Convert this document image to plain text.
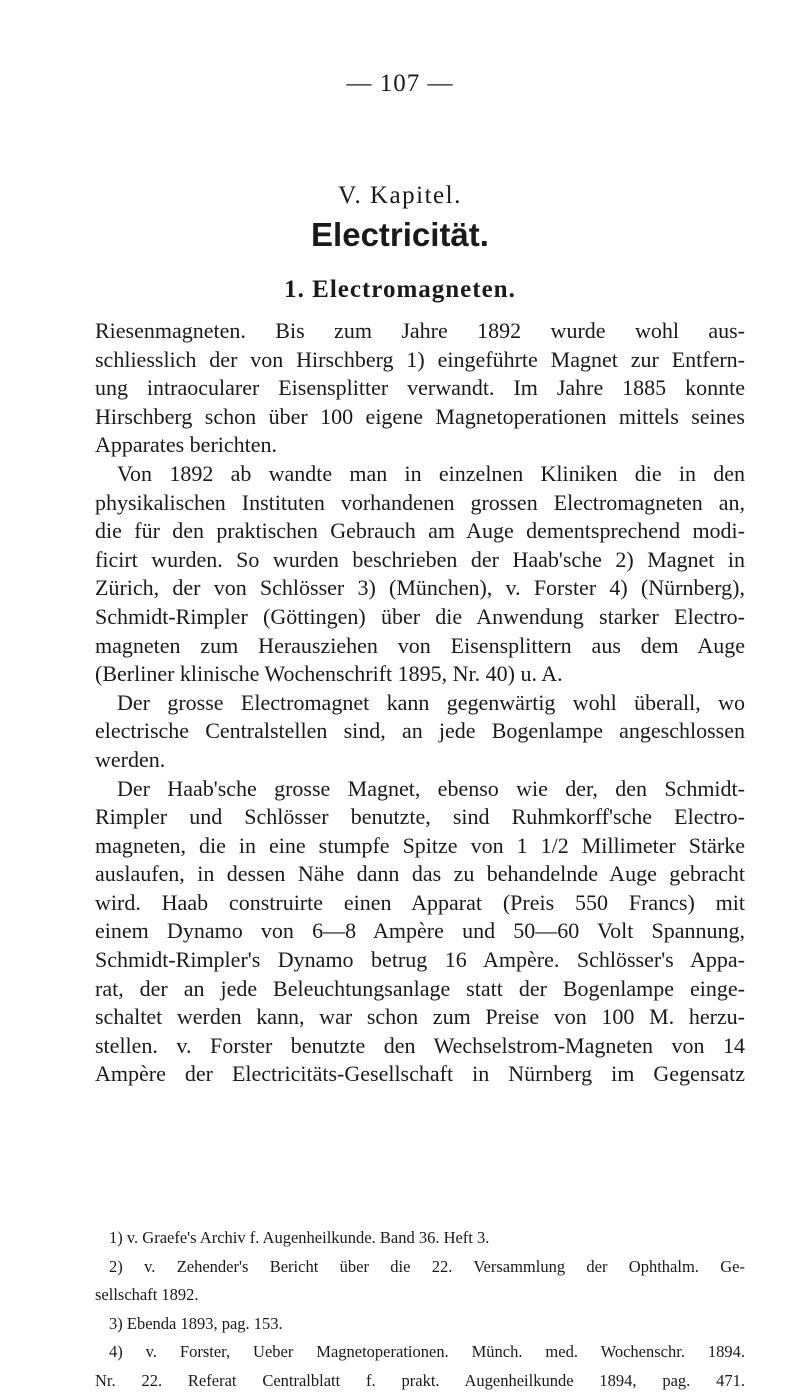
— 107 —
V. Kapitel.
Electricität.
1. Electromagneten.
Riesenmagneten. Bis zum Jahre 1892 wurde wohl aus-
schliesslich der von Hirschberg 1) eingeführte Magnet zur Entfern-
ung intraocularer Eisensplitter verwandt. Im Jahre 1885 konnte
Hirschberg schon über 100 eigene Magnetoperationen mittels seines
Apparates berichten.
Von 1892 ab wandte man in einzelnen Kliniken die in den
physikalischen Instituten vorhandenen grossen Electromagneten an,
die für den praktischen Gebrauch am Auge dementsprechend modi-
ficirt wurden. So wurden beschrieben der Haab'sche 2) Magnet in
Zürich, der von Schlösser 3) (München), v. Forster 4) (Nürnberg),
Schmidt-Rimpler (Göttingen) über die Anwendung starker Electro-
magneten zum Herausziehen von Eisensplittern aus dem Auge
(Berliner klinische Wochenschrift 1895, Nr. 40) u. A.
Der grosse Electromagnet kann gegenwärtig wohl überall, wo
electrische Centralstellen sind, an jede Bogenlampe angeschlossen
werden.
Der Haab'sche grosse Magnet, ebenso wie der, den Schmidt-
Rimpler und Schlösser benutzte, sind Ruhmkorff'sche Electro-
magneten, die in eine stumpfe Spitze von 1 1/2 Millimeter Stärke
auslaufen, in dessen Nähe dann das zu behandelnde Auge gebracht
wird. Haab construirte einen Apparat (Preis 550 Francs) mit
einem Dynamo von 6—8 Ampère und 50—60 Volt Spannung,
Schmidt-Rimpler's Dynamo betrug 16 Ampère. Schlösser's Appa-
rat, der an jede Beleuchtungsanlage statt der Bogenlampe einge-
schaltet werden kann, war schon zum Preise von 100 M. herzu-
stellen. v. Forster benutzte den Wechselstrom-Magneten von 14
Ampère der Electricitäts-Gesellschaft in Nürnberg im Gegensatz
1) v. Graefe's Archiv f. Augenheilkunde. Band 36. Heft 3.
2) v. Zehender's Bericht über die 22. Versammlung der Ophthalm. Ge-
sellschaft 1892.
3) Ebenda 1893, pag. 153.
4) v. Forster, Ueber Magnetoperationen. Münch. med. Wochenschr. 1894.
Nr. 22. Referat Centralblatt f. prakt. Augenheilkunde 1894, pag. 471.
